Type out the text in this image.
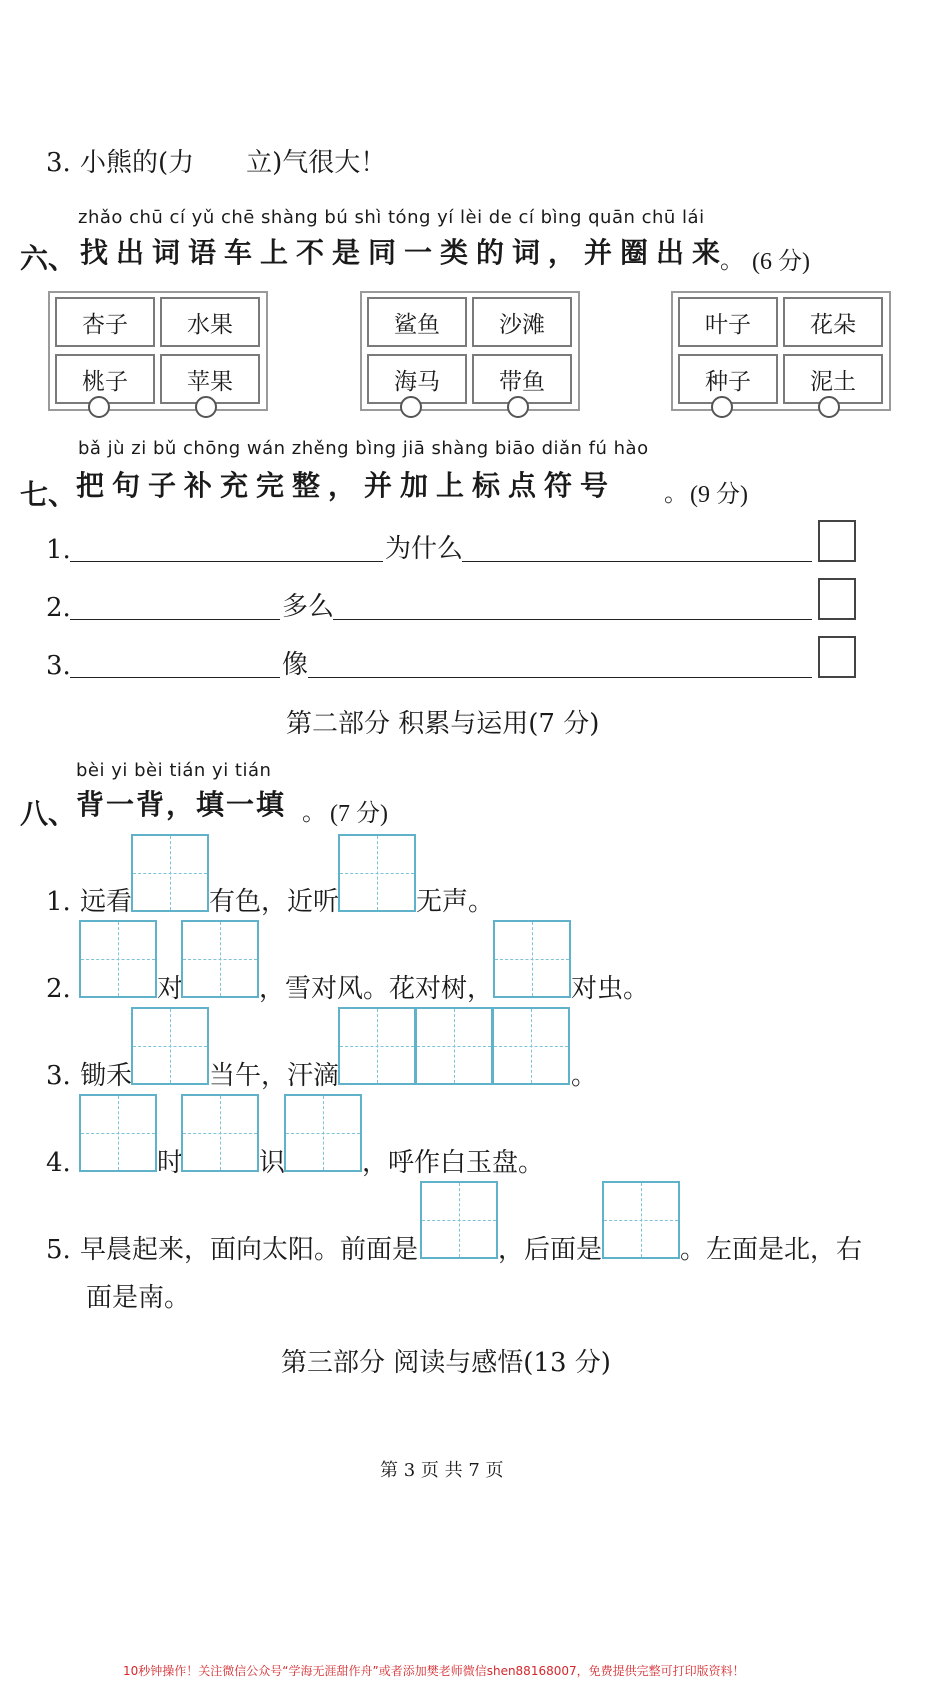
3. 小熊的(力　　立)气很大！
zhǎo chū cí yǔ chē shàng bú shì tóng yí lèi de cí bìng quān chū lái
六、 找出词语车上不是同一类的词，并圈出来
。 (6 分)
杏子	水果
桃子	苹果
鲨鱼	沙滩
海马	带鱼
叶子	花朵
种子	泥土
bǎ jù zi bǔ chōng wán zhěng bìng jiā shàng biāo diǎn fú hào
七、 把句子补充完整，并加上标点符号 。 (9 分)
1.	为什么
2.	多么
3.	像
第二部分 积累与运用(7 分)
bèi yi bèi tián yi tián
八、 背一背，填一填 。 (7 分)
1. 远看	有色，近听	无声。
2.	对	，雪对风。花对树，	对虫。
3. 锄禾	当午，汗滴	。
4.	时	识	，呼作白玉盘。
5. 早晨起来，面向太阳。前面是	，后面是	。左面是北，右
面是南。
第三部分 阅读与感悟(13 分)
第 3 页 共 7 页
10秒钟操作！关注微信公众号“学海无涯甜作舟”或者添加樊老师微信shen88168007，免费提供完整可打印版资料！
